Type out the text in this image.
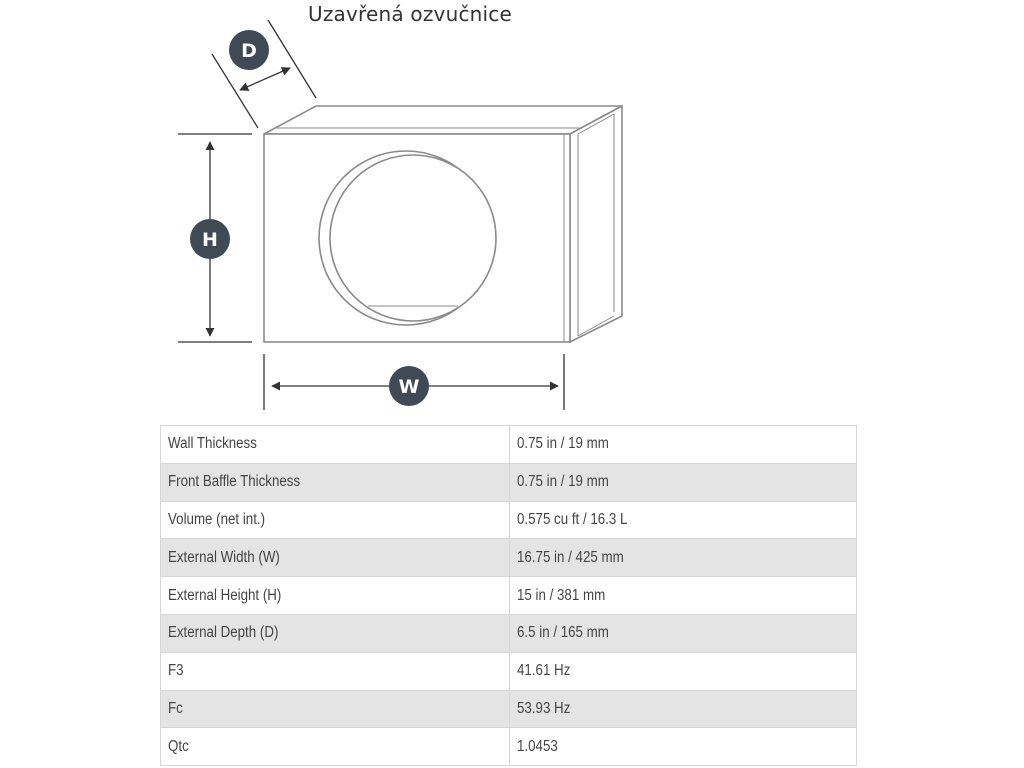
Uzavřená ozvučnice
D
H
W
Wall Thickness	0.75 in / 19 mm
Front Baffle Thickness	0.75 in / 19 mm
Volume (net int.)	0.575 cu ft / 16.3 L
External Width (W)	16.75 in / 425 mm
External Height (H)	15 in / 381 mm
External Depth (D)	6.5 in / 165 mm
F3	41.61 Hz
Fc	53.93 Hz
Qtc	1.0453
